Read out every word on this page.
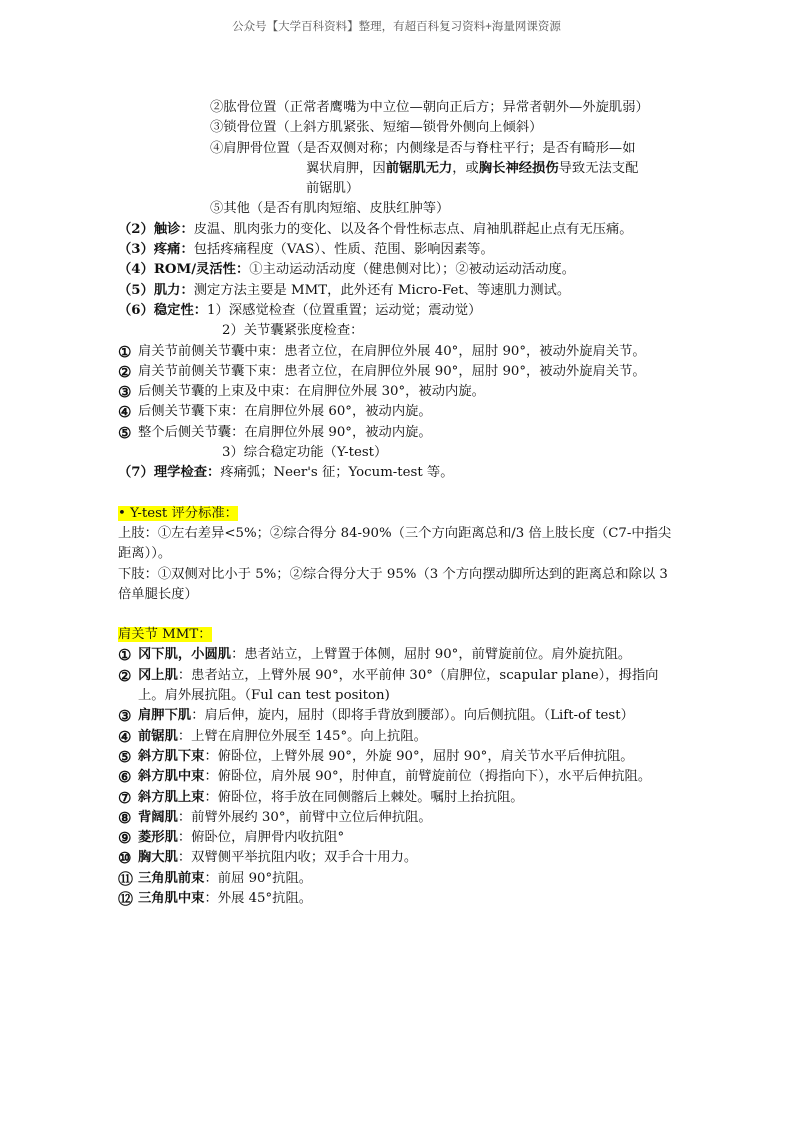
公众号【大学百科资料】整理，有超百科复习资料+海量网课资源
②肱骨位置（正常者鹰嘴为中立位—朝向正后方；异常者朝外—外旋肌弱）
③锁骨位置（上斜方肌紧张、短缩—锁骨外侧向上倾斜）
④肩胛骨位置（是否双侧对称；内侧缘是否与脊柱平行；是否有畸形—如
翼状肩胛，因前锯肌无力，或胸长神经损伤导致无法支配
前锯肌）
⑤其他（是否有肌肉短缩、皮肤红肿等）
（2）触诊：皮温、肌肉张力的变化、以及各个骨性标志点、肩袖肌群起止点有无压痛。
（3）疼痛：包括疼痛程度（VAS）、性质、范围、影响因素等。
（4）ROM/灵活性：①主动运动活动度（健患侧对比）；②被动运动活动度。
（5）肌力：测定方法主要是 MMT，此外还有 Micro-Fet、等速肌力测试。
（6）稳定性：1）深感觉检查（位置重置；运动觉；震动觉）
2）关节囊紧张度检查：
① 肩关节前侧关节囊中束：患者立位，在肩胛位外展 40°，屈肘 90°，被动外旋肩关节。
② 肩关节前侧关节囊下束：患者立位，在肩胛位外展 90°，屈肘 90°，被动外旋肩关节。
③ 后侧关节囊的上束及中束：在肩胛位外展 30°，被动内旋。
④ 后侧关节囊下束：在肩胛位外展 60°，被动内旋。
⑤ 整个后侧关节囊：在肩胛位外展 90°，被动内旋。
3）综合稳定功能（Y-test）
（7）理学检查：疼痛弧；Neer's 征；Yocum-test 等。
• Y-test 评分标准：
上肢：①左右差异<5%；②综合得分 84-90%（三个方向距离总和/3 倍上肢长度（C7-中指尖距离））。
下肢：①双侧对比小于 5%；②综合得分大于 95%（3 个方向摆动脚所达到的距离总和除以 3 倍单腿长度）
肩关节 MMT：
① 冈下肌，小圆肌：患者站立，上臂置于体侧，屈肘 90°，前臂旋前位。肩外旋抗阻。
② 冈上肌：患者站立，上臂外展 90°，水平前伸 30°（肩胛位，scapular plane），拇指向上。肩外展抗阻。（Ful can test positon)
③ 肩胛下肌：肩后伸，旋内，屈肘（即将手背放到腰部）。向后侧抗阻。（Lift-of test）
④ 前锯肌：上臂在肩胛位外展至 145°。向上抗阻。
⑤ 斜方肌下束：俯卧位，上臂外展 90°，外旋 90°，屈肘 90°，肩关节水平后伸抗阻。
⑥ 斜方肌中束：俯卧位，肩外展 90°，肘伸直，前臂旋前位（拇指向下），水平后伸抗阻。
⑦ 斜方肌上束：俯卧位，将手放在同侧髂后上棘处。嘱肘上抬抗阻。
⑧ 背阔肌：前臂外展约 30°，前臂中立位后伸抗阻。
⑨ 菱形肌：俯卧位，肩胛骨内收抗阻°
⑩ 胸大肌：双臂侧平举抗阻内收；双手合十用力。
⑪ 三角肌前束：前屈 90°抗阻。
⑫ 三角肌中束：外展 45°抗阻。
